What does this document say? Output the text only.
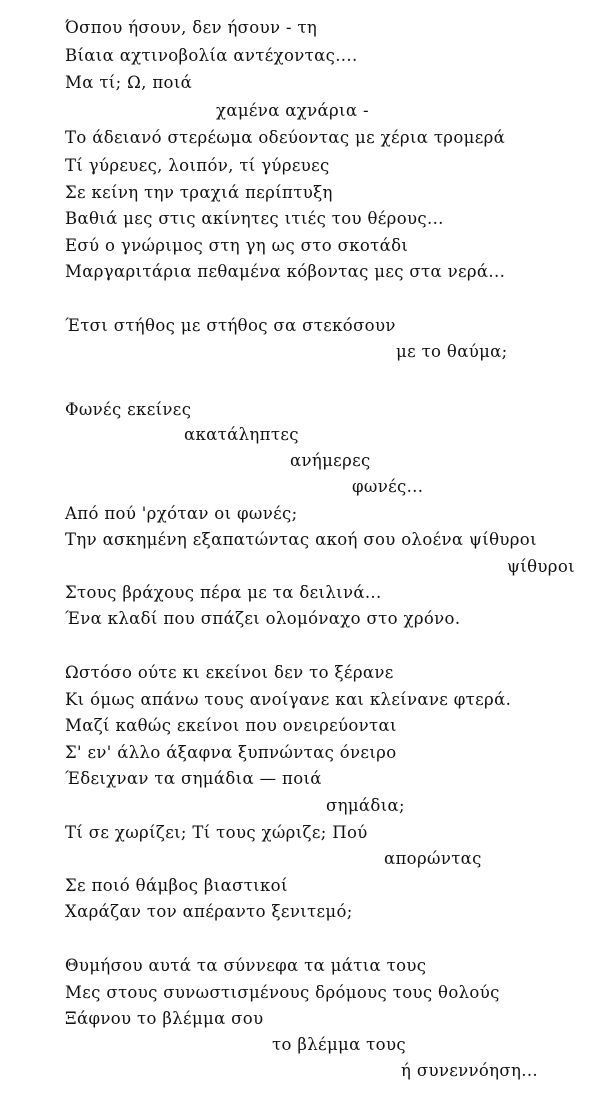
Όσπου ήσουν, δεν ήσουν - τη
Βίαια αχτινοβολία αντέχοντας....
Μα τί; Ω, ποιά
χαμένα αχνάρια -
Το άδειανό στερέωμα οδεύοντας με χέρια τρομερά
Τί γύρευες, λοιπόν, τί γύρευες
Σε κείνη την τραχιά περίπτυξη
Βαθιά μες στις ακίνητες ιτιές του θέρους...
Εσύ ο γνώριμος στη γη ως στο σκοτάδι
Μαργαριτάρια πεθαμένα κόβοντας μες στα νερά...
Έτσι στήθος με στήθος σα στεκόσουν
με το θαύμα;
Φωνές εκείνες
ακατάληπτες
ανήμερες
φωνές...
Από πού 'ρχόταν οι φωνές;
Την ασκημένη εξαπατώντας ακοή σου ολοένα ψίθυροι
ψίθυροι
Στους βράχους πέρα με τα δειλινά...
Ένα κλαδί που σπάζει ολομόναχο στο χρόνο.
Ωστόσο ούτε κι εκείνοι δεν το ξέρανε
Κι όμως απάνω τους ανοίγανε και κλείνανε φτερά.
Μαζί καθώς εκείνοι που ονειρεύονται
Σ' εν' άλλο άξαφνα ξυπνώντας όνειρο
Έδειχναν τα σημάδια — ποιά
σημάδια;
Τί σε χωρίζει; Τί τους χώριζε; Πού
απορώντας
Σε ποιό θάμβος βιαστικοί
Χαράζαν τον απέραντο ξενιτεμό;
Θυμήσου αυτά τα σύννεφα τα μάτια τους
Μες στους συνωστισμένους δρόμους τους θολούς
Ξάφνου το βλέμμα σου
το βλέμμα τους
ή συνεννόηση...
